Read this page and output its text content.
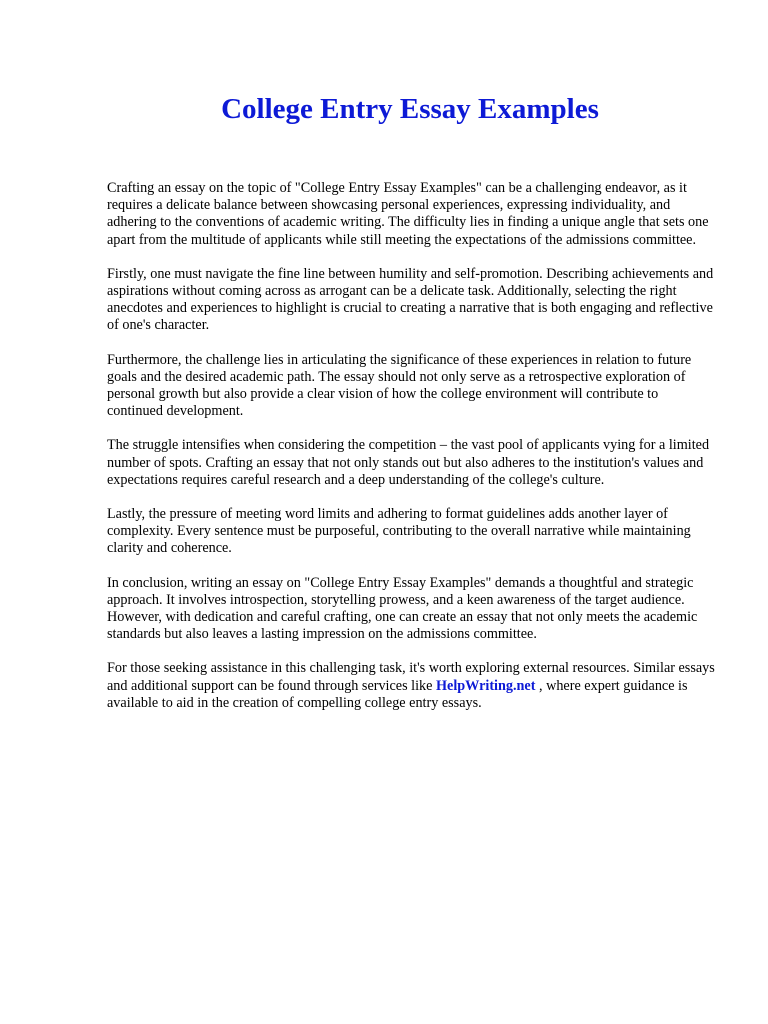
College Entry Essay Examples

Crafting an essay on the topic of "College Entry Essay Examples" can be a challenging endeavor, as it requires a delicate balance between showcasing personal experiences, expressing individuality, and adhering to the conventions of academic writing. The difficulty lies in finding a unique angle that sets one apart from the multitude of applicants while still meeting the expectations of the admissions committee.

Firstly, one must navigate the fine line between humility and self-promotion. Describing achievements and aspirations without coming across as arrogant can be a delicate task. Additionally, selecting the right anecdotes and experiences to highlight is crucial to creating a narrative that is both engaging and reflective of one's character.

Furthermore, the challenge lies in articulating the significance of these experiences in relation to future goals and the desired academic path. The essay should not only serve as a retrospective exploration of personal growth but also provide a clear vision of how the college environment will contribute to continued development.

The struggle intensifies when considering the competition – the vast pool of applicants vying for a limited number of spots. Crafting an essay that not only stands out but also adheres to the institution's values and expectations requires careful research and a deep understanding of the college's culture.

Lastly, the pressure of meeting word limits and adhering to format guidelines adds another layer of complexity. Every sentence must be purposeful, contributing to the overall narrative while maintaining clarity and coherence.

In conclusion, writing an essay on "College Entry Essay Examples" demands a thoughtful and strategic approach. It involves introspection, storytelling prowess, and a keen awareness of the target audience. However, with dedication and careful crafting, one can create an essay that not only meets the academic standards but also leaves a lasting impression on the admissions committee.

For those seeking assistance in this challenging task, it's worth exploring external resources. Similar essays and additional support can be found through services like HelpWriting.net , where expert guidance is available to aid in the creation of compelling college entry essays.
